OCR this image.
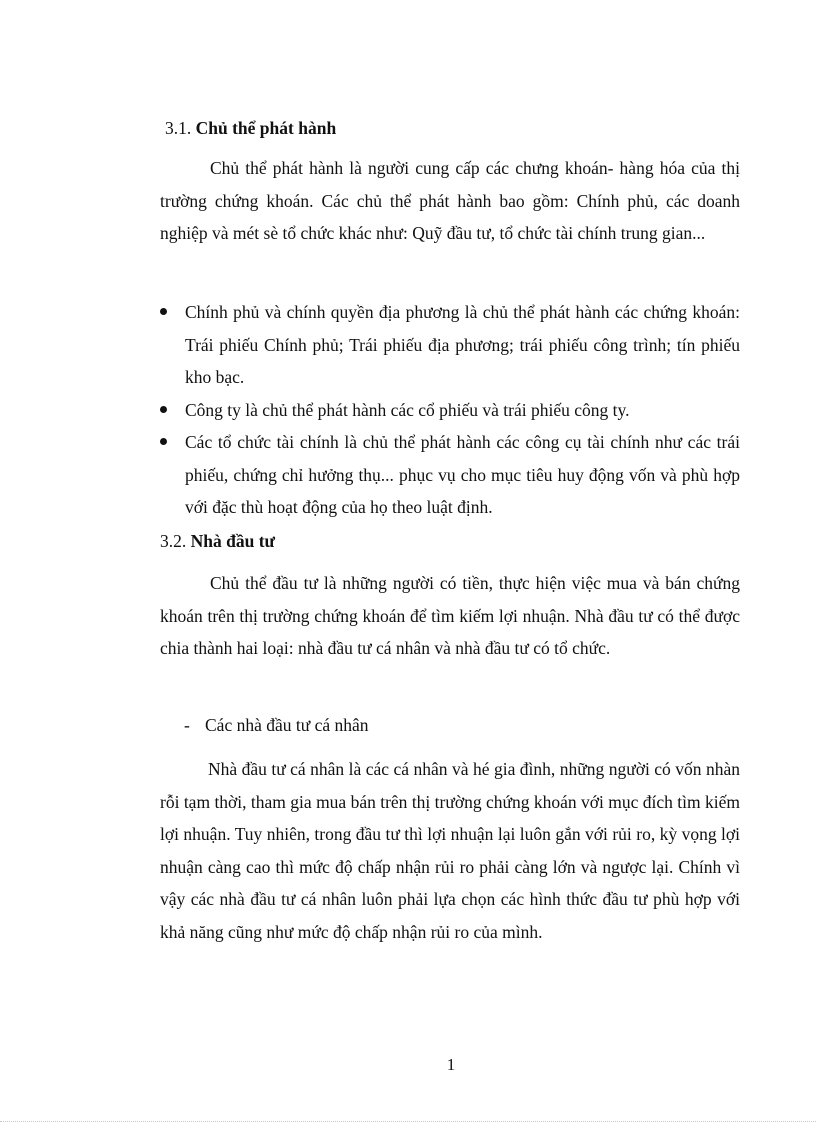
3.1. Chủ thể phát hành

Chủ thể phát hành là người cung cấp các chưng khoán- hàng hóa của thị trường chứng khoán. Các chủ thể phát hành bao gồm: Chính phủ, các doanh nghiệp và mét sè tổ chức khác như: Quỹ đầu tư, tổ chức tài chính trung gian...

Chính phủ và chính quyền địa phương là chủ thể phát hành các chứng khoán: Trái phiếu Chính phủ; Trái phiếu địa phương; trái phiếu công trình; tín phiếu kho bạc.
Công ty là chủ thể phát hành các cổ phiếu và trái phiếu công ty.
Các tổ chức tài chính là chủ thể phát hành các công cụ tài chính như các trái phiếu, chứng chỉ hưởng thụ... phục vụ cho mục tiêu huy động vốn và phù hợp với đặc thù hoạt động của họ theo luật định.
3.2. Nhà đầu tư

Chủ thể đầu tư là những người có tiền, thực hiện việc mua và bán chứng khoán trên thị trường chứng khoán để tìm kiếm lợi nhuận. Nhà đầu tư có thể được chia thành hai loại: nhà đầu tư cá nhân và nhà đầu tư có tổ chức.

- Các nhà đầu tư cá nhân

Nhà đầu tư cá nhân là các cá nhân và hé gia đình, những người có vốn nhàn rỗi tạm thời, tham gia mua bán trên thị trường chứng khoán với mục đích tìm kiếm lợi nhuận. Tuy nhiên, trong đầu tư thì lợi nhuận lại luôn gắn với rủi ro, kỳ vọng lợi nhuận càng cao thì mức độ chấp nhận rủi ro phải càng lớn và ngược lại. Chính vì vậy các nhà đầu tư cá nhân luôn phải lựa chọn các hình thức đầu tư phù hợp với khả năng cũng như mức độ chấp nhận rủi ro của mình.

1
